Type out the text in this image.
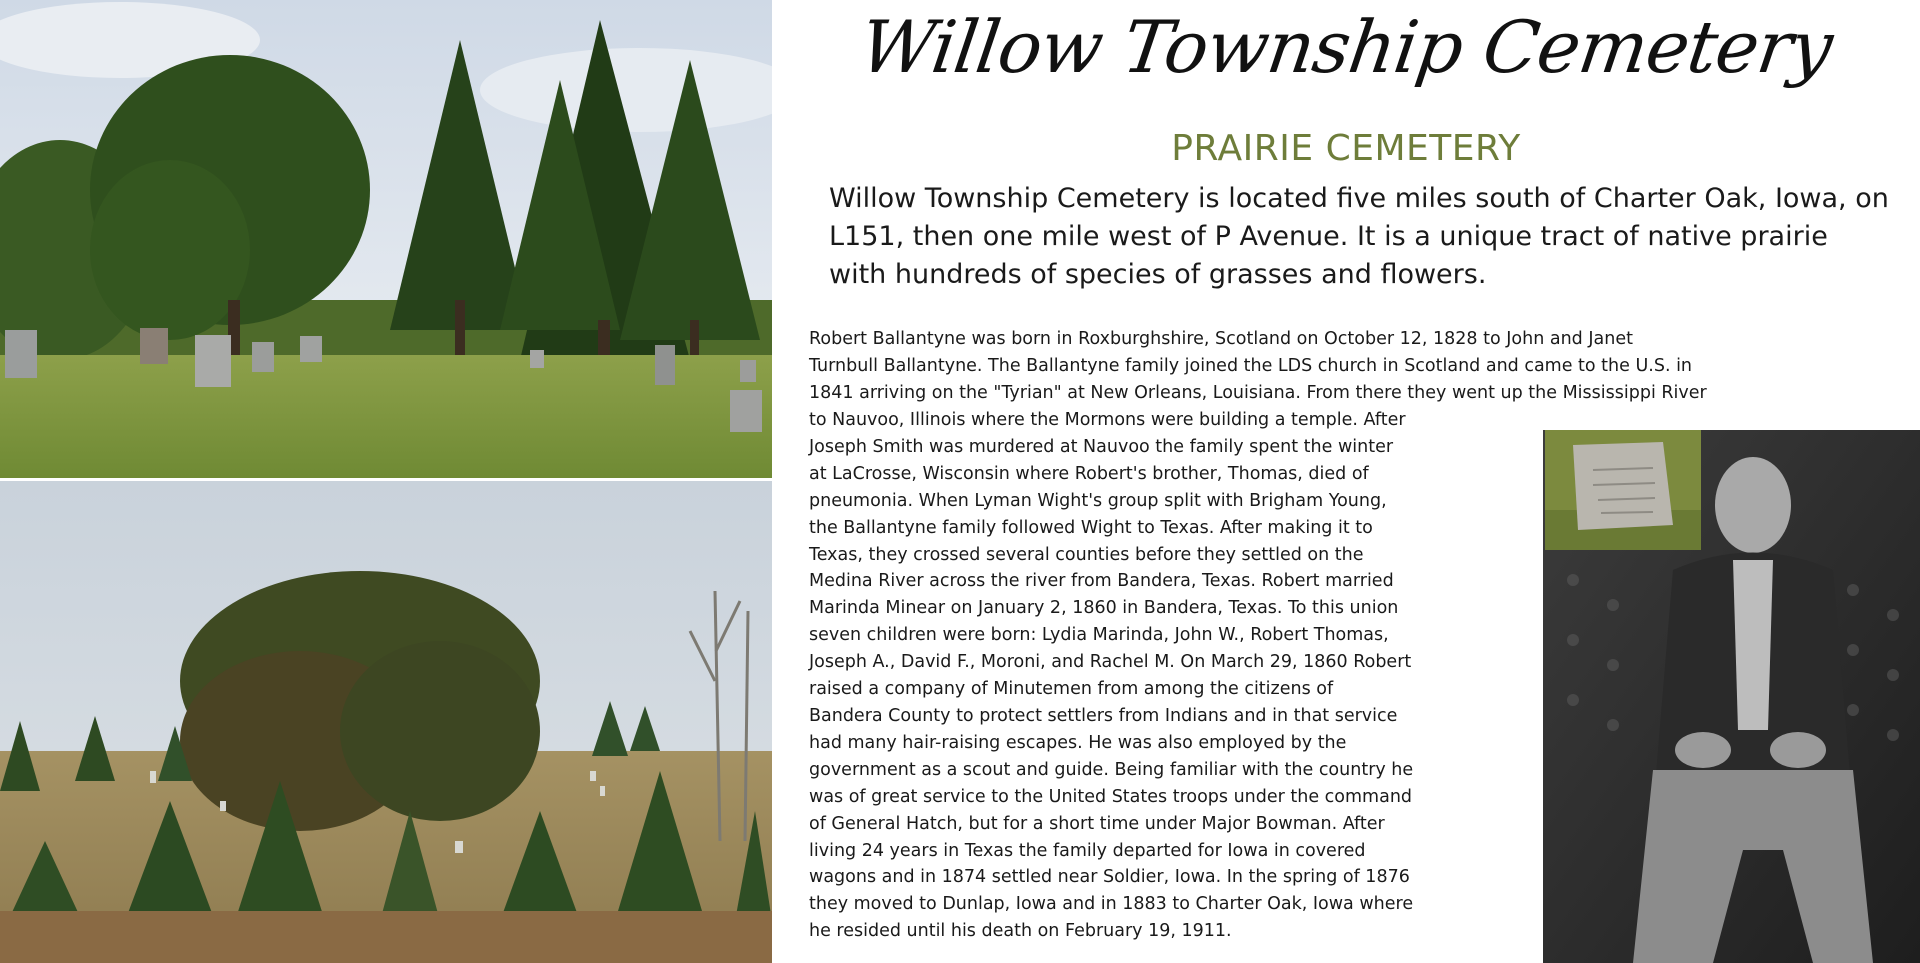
Willow Township Cemetery
PRAIRIE CEMETERY
Willow Township Cemetery is located five miles south of Charter Oak, Iowa, on L151, then one mile west of P Avenue. It is a unique tract of native prairie with hundreds of species of grasses and flowers.
Robert Ballantyne was born in Roxburghshire, Scotland on October 12, 1828 to John and Janet
Turnbull Ballantyne. The Ballantyne family joined the LDS church in Scotland and came to the U.S. in
1841 arriving on the "Tyrian" at New Orleans, Louisiana. From there they went up the Mississippi River
to Nauvoo, Illinois where the Mormons were building a temple. After
Joseph Smith was murdered at Nauvoo the family spent the winter
at LaCrosse, Wisconsin where Robert's brother, Thomas, died of
pneumonia. When Lyman Wight's group split with Brigham Young,
the Ballantyne family followed Wight to Texas. After making it to
Texas, they crossed several counties before they settled on the
Medina River across the river from Bandera, Texas. Robert married
Marinda Minear on January 2, 1860 in Bandera, Texas. To this union
seven children were born: Lydia Marinda, John W., Robert Thomas,
Joseph A., David F., Moroni, and Rachel M. On March 29, 1860 Robert
raised a company of Minutemen from among the citizens of
Bandera County to protect settlers from Indians and in that service
had many hair-raising escapes. He was also employed by the
government as a scout and guide. Being familiar with the country he
was of great service to the United States troops under the command
of General Hatch, but for a short time under Major Bowman. After
living 24 years in Texas the family departed for Iowa in covered
wagons and in 1874 settled near Soldier, Iowa. In the spring of 1876
they moved to Dunlap, Iowa and in 1883 to Charter Oak, Iowa where
he resided until his death on February 19, 1911.
